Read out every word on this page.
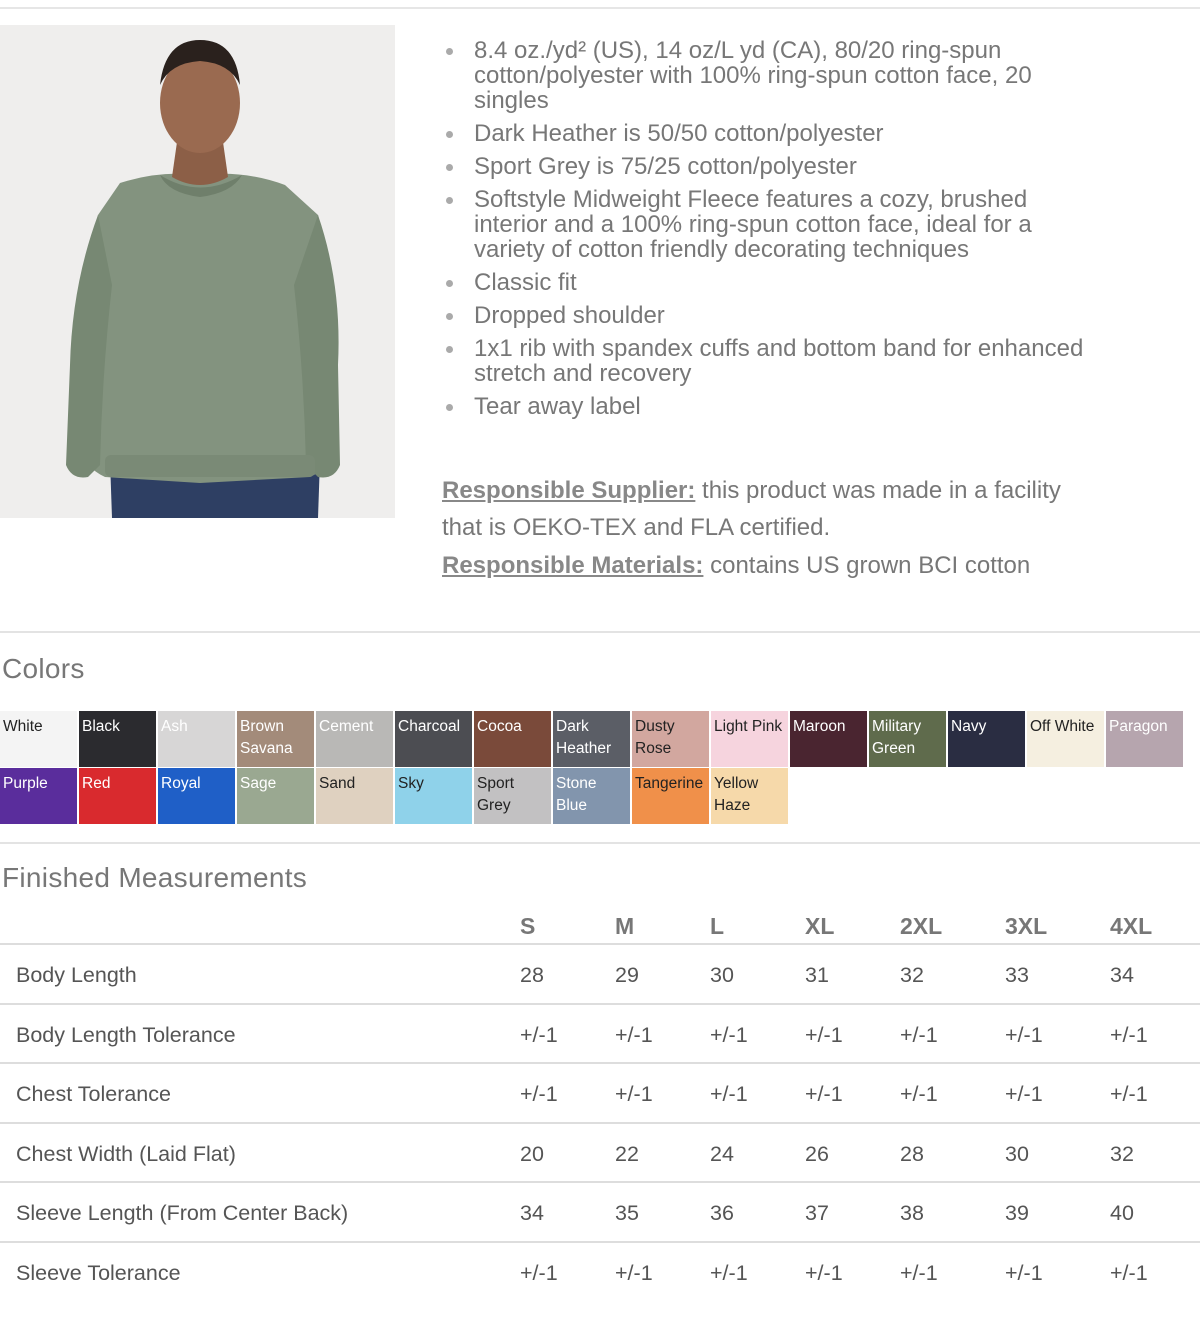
8.4 oz./yd² (US), 14 oz/L yd (CA), 80/20 ring-spun cotton/polyester with 100% ring-spun cotton face, 20 singles
Dark Heather is 50/50 cotton/polyester
Sport Grey is 75/25 cotton/polyester
Softstyle Midweight Fleece features a cozy, brushed interior and a 100% ring-spun cotton face, ideal for a variety of cotton friendly decorating techniques
Classic fit
Dropped shoulder
1x1 rib with spandex cuffs and bottom band for enhanced stretch and recovery
Tear away label
Responsible Supplier: this product was made in a facility
that is OEKO-TEX and FLA certified.
Responsible Materials: contains US grown BCI cotton
Colors
White	Black	Ash	Brown Savana
Cement	Charcoal	Cocoa	Dark Heather
Dusty Rose
Light Pink Maroon	Military Green
Navy	Off White Paragon
Purple	Red	Royal	Sage	Sand	Sky	Sport Grey
Stone Blue
Tangerine Yellow Haze
Finished Measurements
S	M	L	XL	2XL	3XL	4XL
Body Length	28	29	30	31	32	33	34
Body Length Tolerance	+/-1	+/-1	+/-1	+/-1	+/-1	+/-1	+/-1
Chest Tolerance	+/-1	+/-1	+/-1	+/-1	+/-1	+/-1	+/-1
Chest Width (Laid Flat)	20	22	24	26	28	30	32
Sleeve Length (From Center Back)	34	35	36	37	38	39	40
Sleeve Tolerance	+/-1	+/-1	+/-1	+/-1	+/-1	+/-1	+/-1
